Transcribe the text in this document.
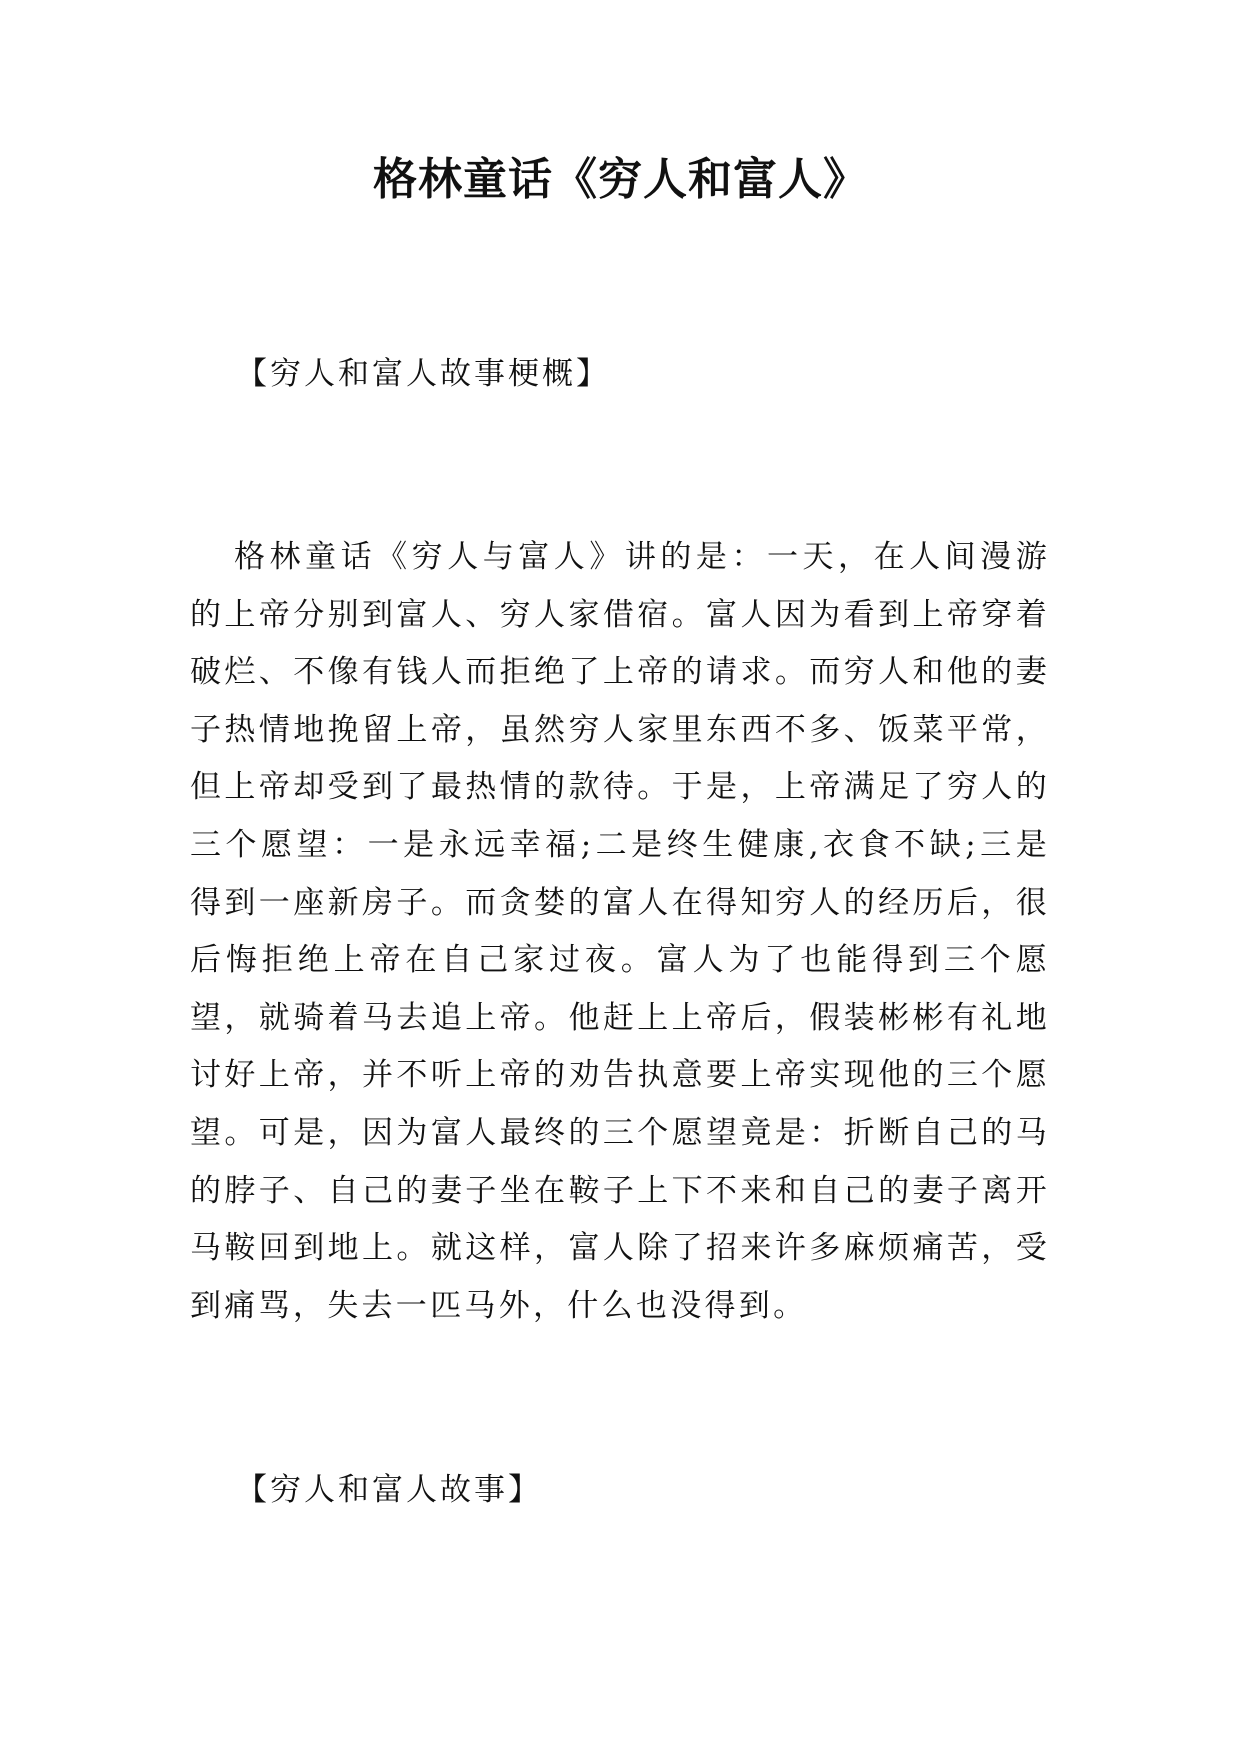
格林童话《穷人和富人》
【穷人和富人故事梗概】

格林童话《穷人与富人》讲的是：一天，在人间漫游的上帝分别到富人、穷人家借宿。富人因为看到上帝穿着破烂、不像有钱人而拒绝了上帝的请求。而穷人和他的妻子热情地挽留上帝，虽然穷人家里东西不多、饭菜平常，但上帝却受到了最热情的款待。于是，上帝满足了穷人的三个愿望：一是永远幸福;二是终生健康,衣食不缺;三是得到一座新房子。而贪婪的富人在得知穷人的经历后，很后悔拒绝上帝在自己家过夜。富人为了也能得到三个愿望，就骑着马去追上帝。他赶上上帝后，假装彬彬有礼地讨好上帝，并不听上帝的劝告执意要上帝实现他的三个愿望。可是，因为富人最终的三个愿望竟是：折断自己的马的脖子、自己的妻子坐在鞍子上下不来和自己的妻子离开马鞍回到地上。就这样，富人除了招来许多麻烦痛苦，受到痛骂，失去一匹马外，什么也没得到。

【穷人和富人故事】
